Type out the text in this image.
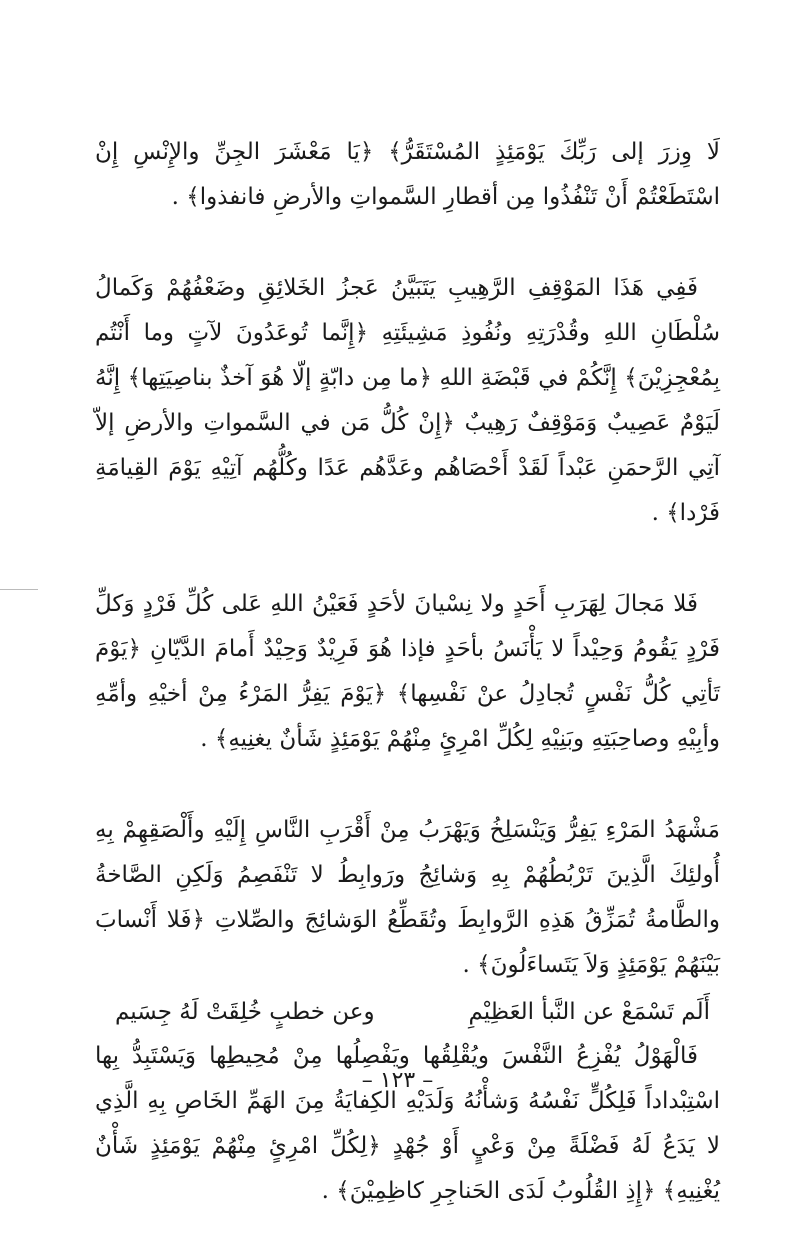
لَا وِزرَ إلى رَبِّكَ يَوْمَئِذٍ المُسْتَقَرُّ﴾ ﴿يَا مَعْشَرَ الجِنِّ والإِنْسِ إِنْ اسْتَطَعْتُمْ أَنْ تَنْفُذُوا مِن أقطارِ السَّمواتِ والأرضِ فانفذوا﴾ .

فَفِي هَذَا المَوْقِفِ الرَّهِيبِ يَتَبَيَّنُ عَجزُ الخَلائِقِ وضَعْفُهُمْ وَكَمالُ سُلْطَانِ اللهِ وقُدْرَتِهِ ونُفُوذِ مَشِيئَتِهِ ﴿إِنَّما تُوعَدُونَ لآتٍ وما أَنْتُم بِمُعْجِزِيْنَ﴾ إِنَّكُمْ في قَبْضَةِ اللهِ ﴿ما مِن دابّةٍ إلّا هُوَ آخذٌ بناصِيَتِها﴾ إِنَّهُ لَيَوْمٌ عَصِيبٌ وَمَوْقِفٌ رَهِيبٌ ﴿إِنْ كُلُّ مَن في السَّمواتِ والأرضِ إلاّ آتِي الرَّحمَنِ عَبْداً لَقَدْ أَحْصَاهُم وعَدَّهُم عَدًا وكُلُّهُم آتِيْهِ يَوْمَ القِيامَةِ فَرْدا﴾ .

فَلا مَجالَ لِهَرَبِ أَحَدٍ ولا نِسْيانَ لأحَدٍ فَعَيْنُ اللهِ عَلى كُلِّ فَرْدٍ وَكلِّ فَرْدٍ يَقُومُ وَحِيْداً لا يَأْنَسُ بأحَدٍ فإذا هُوَ فَرِيْدٌ وَحِيْدٌ أَمامَ الدَّيّانِ ﴿يَوْمَ تَأتِي كُلُّ نَفْسٍ تُجادِلُ عنْ نَفْسِها﴾ ﴿يَوْمَ يَفِرُّ المَرْءُ مِنْ أخيْهِ وأمِّهِ وأبِيْهِ وصاحِبَتِهِ وبَنِيْهِ لِكُلِّ امْرِئٍ مِنْهُمْ يَوْمَئِذٍ شَأنٌ يغنِيهِ﴾ .

مَشْهَدُ المَرْءِ يَفِرُّ وَيَنْسَلِخُ وَيَهْرَبُ مِنْ أَقْرَبِ النَّاسِ إِلَيْهِ وأَلْصَقِهِمْ بِهِ أُولئِكَ الَّذِينَ تَرْبُطُهُمْ بِهِ وَشائِجُ ورَوابِطُ لا تَنْفَصِمُ وَلَكِنِ الصَّاخةُ والطَّامةُ تُمَزِّقُ هَذِهِ الرَّوابِطَ وتُقَطِّعُ الوَشائِجَ والصِّلاتِ ﴿فَلا أَنْسابَ بَيْنَهُمْ يَوْمَئِذٍ وَلاَ يَتَساءَلُونَ﴾ .

فَالْهَوْلُ يُفْزِعُ النَّفْسَ ويُقْلِقُها ويَفْصِلُها مِنْ مُحِيطِها وَيَسْتَبِدُّ بِها اسْتِبْداداً فَلِكُلٍّ نَفْسُهُ وَشأْنُهُ وَلَدَيْهِ الكِفايَةُ مِنَ الهَمِّ الخَاصِ بِهِ الَّذِي لا يَدَعُ لَهُ فَضْلَةً مِنْ وَعْيٍ أَوْ جُهْدٍ ﴿لِكُلِّ امْرِئٍ مِنْهُمْ يَوْمَئِذٍ شَأْنٌ يُغْنِيهِ﴾ ﴿إِذِ القُلُوبُ لَدَى الحَناجِرِ كاظِمِيْنَ﴾ .

أَلَم تَسْمَعْ عن النَّبأ العَظِيْمِ
وعن خطبٍ خُلِقَتْ لَهُ جِسَيم
– ١٢٣ –
